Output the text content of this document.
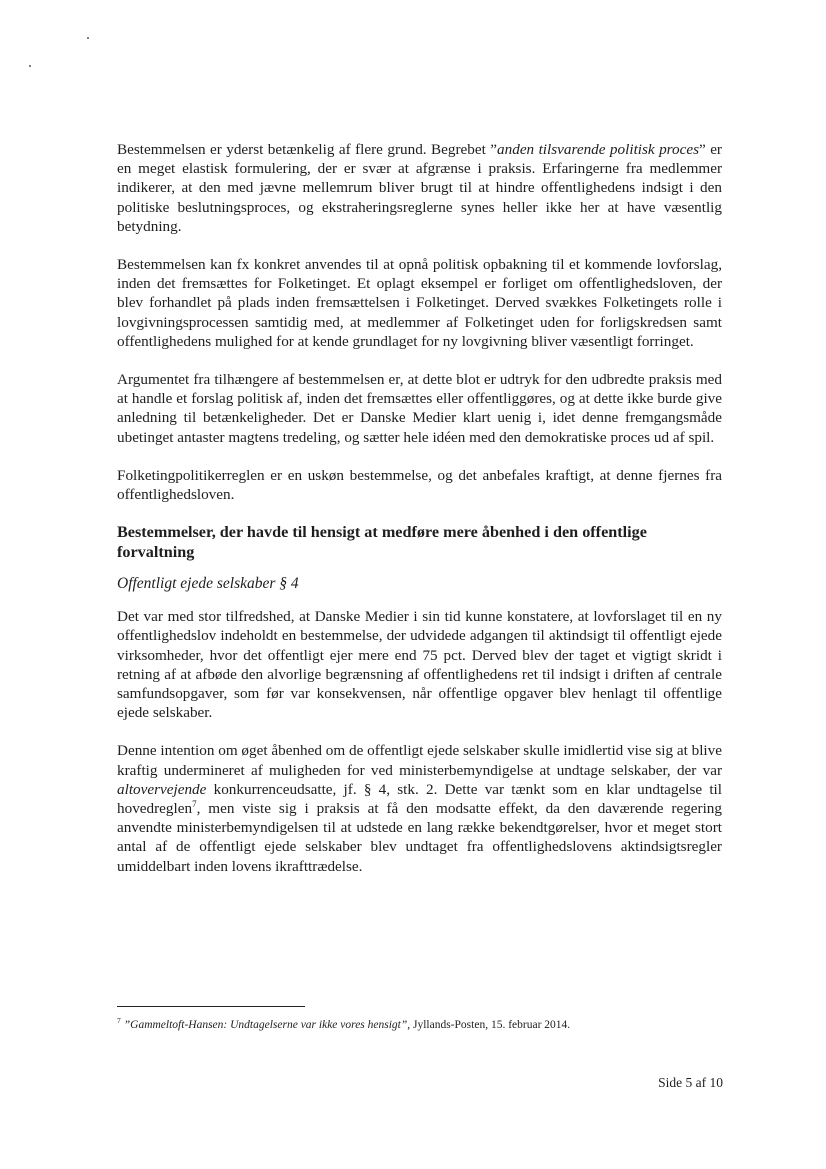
Bestemmelsen er yderst betænkelig af flere grund. Begrebet ”anden tilsvarende politisk proces” er en meget elastisk formulering, der er svær at afgrænse i praksis. Erfaringerne fra medlemmer indikerer, at den med jævne mellemrum bliver brugt til at hindre offentlighedens indsigt i den politiske beslutningsproces, og ekstraheringsreglerne synes heller ikke her at have væsentlig betydning.

Bestemmelsen kan fx konkret anvendes til at opnå politisk opbakning til et kommende lovforslag, inden det fremsættes for Folketinget. Et oplagt eksempel er forliget om offentlighedsloven, der blev forhandlet på plads inden fremsættelsen i Folketinget. Derved svækkes Folketingets rolle i lovgivningsprocessen samtidig med, at medlemmer af Folketinget uden for forligskredsen samt offentlighedens mulighed for at kende grundlaget for ny lovgivning bliver væsentligt forringet.

Argumentet fra tilhængere af bestemmelsen er, at dette blot er udtryk for den udbredte praksis med at handle et forslag politisk af, inden det fremsættes eller offentliggøres, og at dette ikke burde give anledning til betænkeligheder. Det er Danske Medier klart uenig i, idet denne fremgangsmåde ubetinget antaster magtens tredeling, og sætter hele idéen med den demokratiske proces ud af spil.

Folketingpolitikerreglen er en uskøn bestemmelse, og det anbefales kraftigt, at denne fjernes fra offentlighedsloven.

Bestemmelser, der havde til hensigt at medføre mere åbenhed i den offentlige forvaltning
Offentligt ejede selskaber § 4

Det var med stor tilfredshed, at Danske Medier i sin tid kunne konstatere, at lovforslaget til en ny offentlighedslov indeholdt en bestemmelse, der udvidede adgangen til aktindsigt til offentligt ejede virksomheder, hvor det offentligt ejer mere end 75 pct. Derved blev der taget et vigtigt skridt i retning af at afbøde den alvorlige begrænsning af offentlighedens ret til indsigt i driften af centrale samfundsopgaver, som før var konsekvensen, når offentlige opgaver blev henlagt til offentlige ejede selskaber.

Denne intention om øget åbenhed om de offentligt ejede selskaber skulle imidlertid vise sig at blive kraftig undermineret af muligheden for ved ministerbemyndigelse at undtage selskaber, der var altovervejende konkurrenceudsatte, jf. § 4, stk. 2. Dette var tænkt som en klar undtagelse til hovedreglen$^7$, men viste sig i praksis at få den modsatte effekt, da den daværende regering anvendte ministerbemyndigelsen til at udstede en lang række bekendtgørelser, hvor et meget stort antal af de offentligt ejede selskaber blev undtaget fra offentlighedslovens aktindsigtsregler umiddelbart inden lovens ikrafttrædelse.

$^7$ ”Gammeltoft-Hansen: Undtagelserne var ikke vores hensigt”, Jyllands-Posten, 15. februar 2014.
Side 5 af 10
